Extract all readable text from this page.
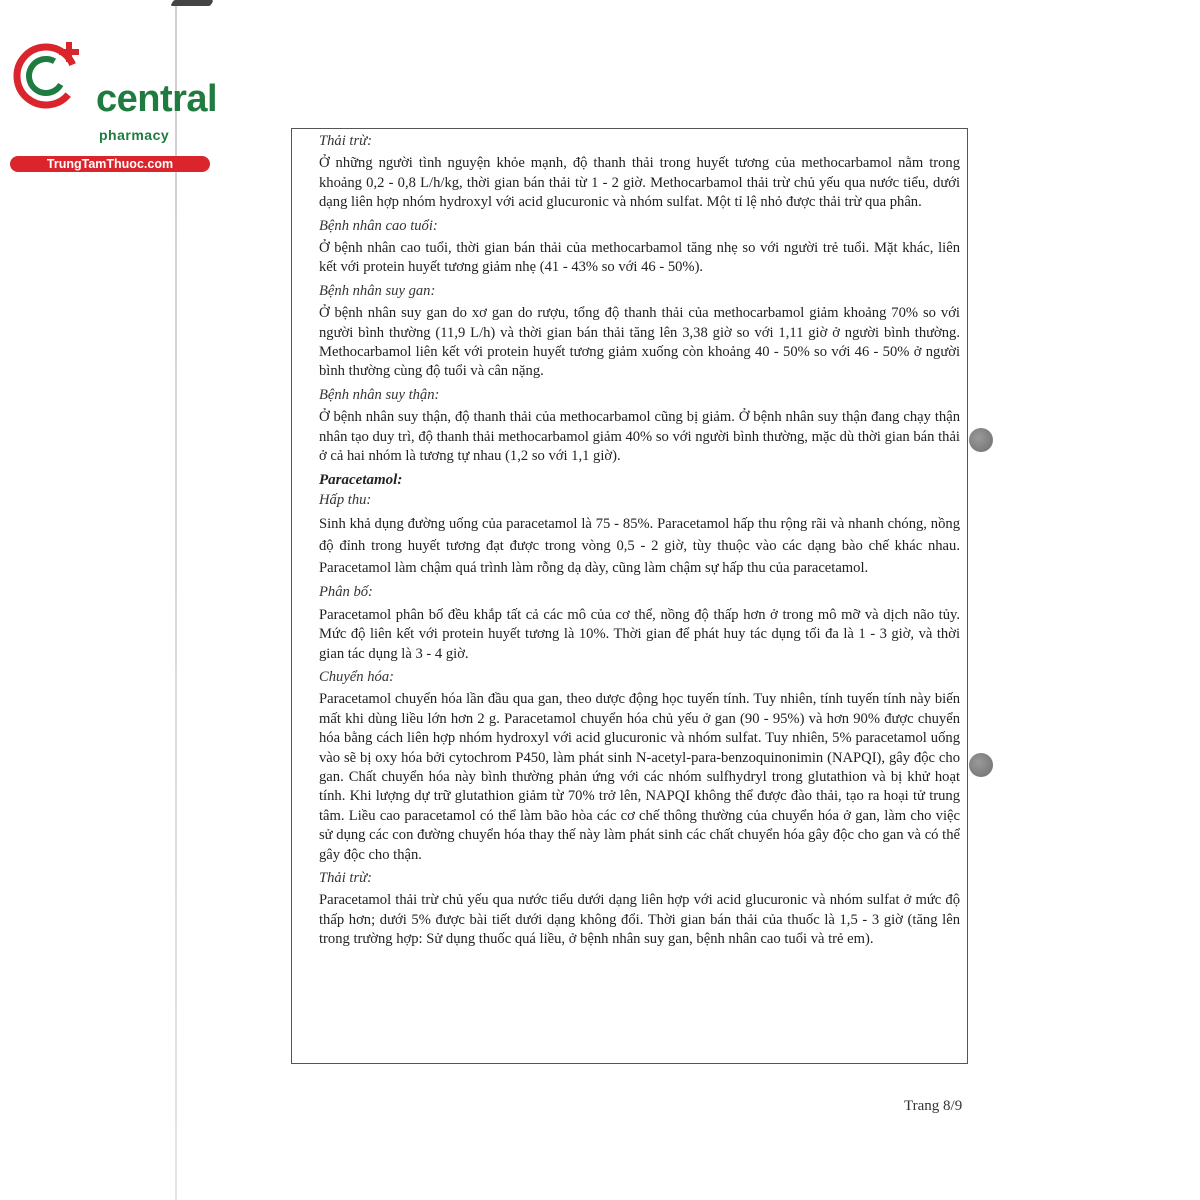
central
pharmacy
TrungTamThuoc.com

Thải trừ:

Ở những người tình nguyện khỏe mạnh, độ thanh thải trong huyết tương của methocarbamol nằm trong khoảng 0,2 - 0,8 L/h/kg, thời gian bán thải từ 1 - 2 giờ. Methocarbamol thải trừ chủ yếu qua nước tiểu, dưới dạng liên hợp nhóm hydroxyl với acid glucuronic và nhóm sulfat. Một tỉ lệ nhỏ được thải trừ qua phân.

Bệnh nhân cao tuổi:

Ở bệnh nhân cao tuổi, thời gian bán thải của methocarbamol tăng nhẹ so với người trẻ tuổi. Mặt khác, liên kết với protein huyết tương giảm nhẹ (41 - 43% so với 46 - 50%).

Bệnh nhân suy gan:

Ở bệnh nhân suy gan do xơ gan do rượu, tổng độ thanh thải của methocarbamol giảm khoảng 70% so với người bình thường (11,9 L/h) và thời gian bán thải tăng lên 3,38 giờ so với 1,11 giờ ở người bình thường. Methocarbamol liên kết với protein huyết tương giảm xuống còn khoảng 40 - 50% so với 46 - 50% ở người bình thường cùng độ tuổi và cân nặng.

Bệnh nhân suy thận:

Ở bệnh nhân suy thận, độ thanh thải của methocarbamol cũng bị giảm. Ở bệnh nhân suy thận đang chạy thận nhân tạo duy trì, độ thanh thải methocarbamol giảm 40% so với người bình thường, mặc dù thời gian bán thải ở cả hai nhóm là tương tự nhau (1,2 so với 1,1 giờ).

Paracetamol:

Hấp thu:

Sinh khả dụng đường uống của paracetamol là 75 - 85%. Paracetamol hấp thu rộng rãi và nhanh chóng, nồng độ đỉnh trong huyết tương đạt được trong vòng 0,5 - 2 giờ, tùy thuộc vào các dạng bào chế khác nhau. Paracetamol làm chậm quá trình làm rỗng dạ dày, cũng làm chậm sự hấp thu của paracetamol.

Phân bố:

Paracetamol phân bố đều khắp tất cả các mô của cơ thể, nồng độ thấp hơn ở trong mô mỡ và dịch não tủy. Mức độ liên kết với protein huyết tương là 10%. Thời gian để phát huy tác dụng tối đa là 1 - 3 giờ, và thời gian tác dụng là 3 - 4 giờ.

Chuyển hóa:

Paracetamol chuyển hóa lần đầu qua gan, theo dược động học tuyến tính. Tuy nhiên, tính tuyến tính này biến mất khi dùng liều lớn hơn 2 g. Paracetamol chuyển hóa chủ yếu ở gan (90 - 95%) và hơn 90% được chuyển hóa bằng cách liên hợp nhóm hydroxyl với acid glucuronic và nhóm sulfat. Tuy nhiên, 5% paracetamol uống vào sẽ bị oxy hóa bởi cytochrom P450, làm phát sinh N-acetyl-para-benzoquinonimin (NAPQI), gây độc cho gan. Chất chuyển hóa này bình thường phản ứng với các nhóm sulfhydryl trong glutathion và bị khử hoạt tính. Khi lượng dự trữ glutathion giảm từ 70% trở lên, NAPQI không thể được đào thải, tạo ra hoại tử trung tâm. Liều cao paracetamol có thể làm bão hòa các cơ chế thông thường của chuyển hóa ở gan, làm cho việc sử dụng các con đường chuyển hóa thay thế này làm phát sinh các chất chuyển hóa gây độc cho gan và có thể gây độc cho thận.

Thải trừ:

Paracetamol thải trừ chủ yếu qua nước tiểu dưới dạng liên hợp với acid glucuronic và nhóm sulfat ở mức độ thấp hơn; dưới 5% được bài tiết dưới dạng không đổi. Thời gian bán thải của thuốc là 1,5 - 3 giờ (tăng lên trong trường hợp: Sử dụng thuốc quá liều, ở bệnh nhân suy gan, bệnh nhân cao tuổi và trẻ em).

Trang 8/9
